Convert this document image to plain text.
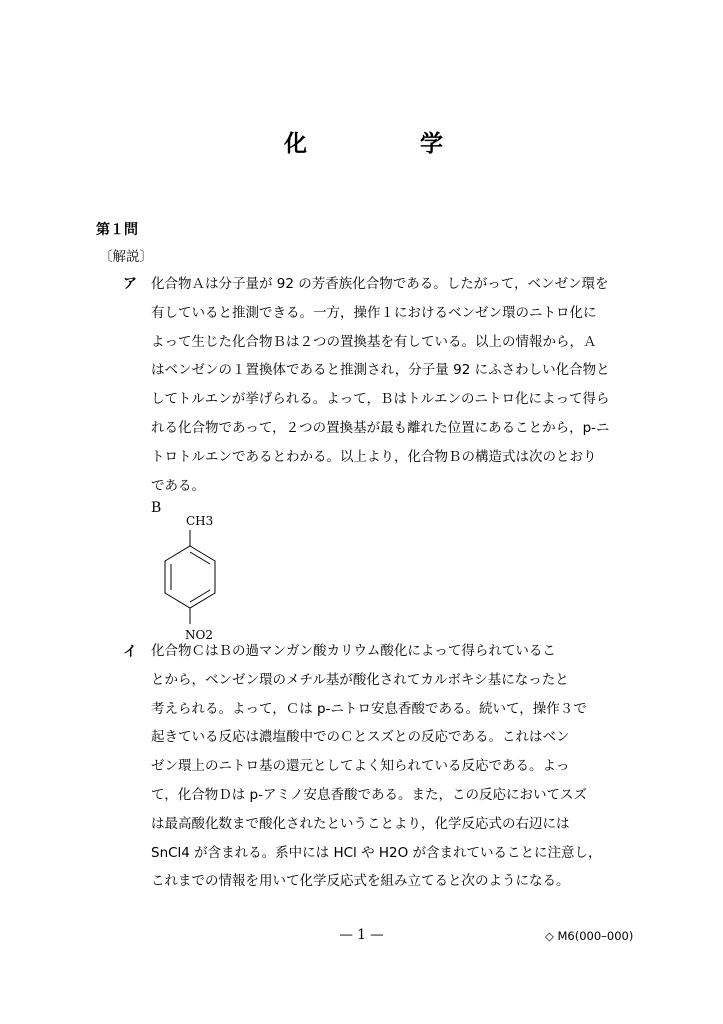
化	学
第１問
〔解説〕
ア 化合物Ａは分子量が 92 の芳香族化合物である。したがって，ベンゼン環を
有していると推測できる。一方，操作１におけるベンゼン環のニトロ化に
よって生じた化合物Ｂは２つの置換基を有している。以上の情報から，Ａ
はベンゼンの１置換体であると推測され，分子量 92 にふさわしい化合物と
してトルエンが挙げられる。よって，Ｂはトルエンのニトロ化によって得ら
れる化合物であって，２つの置換基が最も離れた位置にあることから，p-ニ
トロトルエンであるとわかる。以上より，化合物Ｂの構造式は次のとおり
である。
B
CH3
NO2
イ 化合物ＣはＢの過マンガン酸カリウム酸化によって得られているこ
とから，ベンゼン環のメチル基が酸化されてカルボキシ基になったと
考えられる。よって，Ｃは p-ニトロ安息香酸である。続いて，操作３で
起きている反応は濃塩酸中でのＣとスズとの反応である。これはベン
ゼン環上のニトロ基の還元としてよく知られている反応である。よっ
て，化合物Ｄは p-アミノ安息香酸である。また，この反応においてスズ
は最高酸化数まで酸化されたということより，化学反応式の右辺には
SnCl4 が含まれる。系中には HCl や H2O が含まれていることに注意し，
これまでの情報を用いて化学反応式を組み立てると次のようになる。
— 1 —	◇ M6(000–000)
